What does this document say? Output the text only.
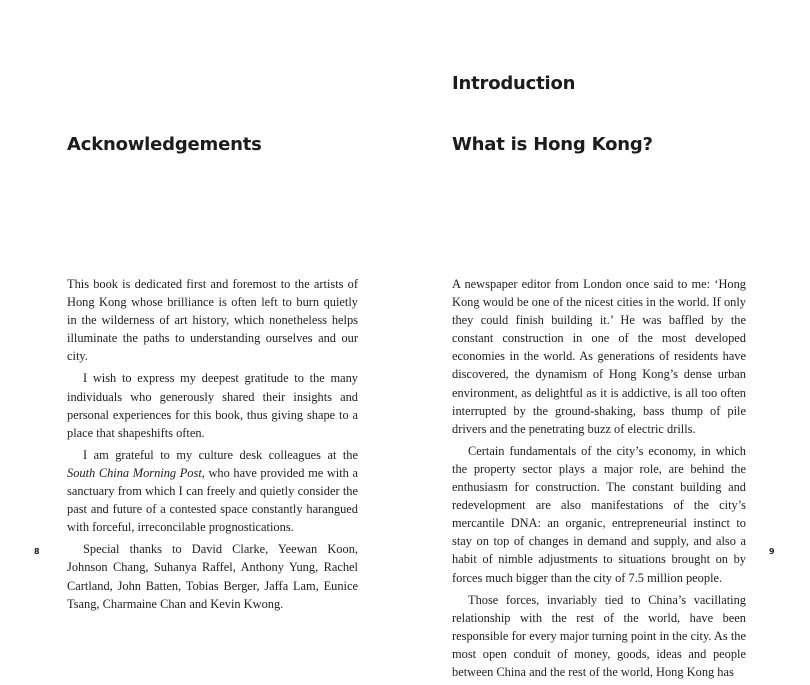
Acknowledgements

This book is dedicated first and foremost to the artists of Hong Kong whose brilliance is often left to burn quietly in the wilderness of art history, which nonetheless helps illuminate the paths to understanding ourselves and our city.

I wish to express my deepest gratitude to the many individuals who generously shared their insights and personal experiences for this book, thus giving shape to a place that shapeshifts often.

I am grateful to my culture desk colleagues at the South China Morning Post, who have provided me with a sanctuary from which I can freely and quietly consider the past and future of a contested space constantly harangued with forceful, irreconcilable prognostications.

Special thanks to David Clarke, Yeewan Koon, Johnson Chang, Suhanya Raffel, Anthony Yung, Rachel Cartland, John Batten, Tobias Berger, Jaffa Lam, Eunice Tsang, Charmaine Chan and Kevin Kwong.

8
Introduction
What is Hong Kong?

A newspaper editor from London once said to me: ‘Hong Kong would be one of the nicest cities in the world. If only they could finish building it.’ He was baffled by the constant construction in one of the most developed economies in the world. As generations of residents have discovered, the dynamism of Hong Kong’s dense urban environment, as delightful as it is addictive, is all too often interrupted by the ground-shaking, bass thump of pile drivers and the penetrating buzz of electric drills.

Certain fundamentals of the city’s economy, in which the property sector plays a major role, are behind the enthusiasm for construction. The constant building and redevelopment are also manifestations of the city’s mercantile DNA: an organic, entrepreneurial instinct to stay on top of changes in demand and supply, and also a habit of nimble adjustments to situations brought on by forces much bigger than the city of 7.5 million people.

Those forces, invariably tied to China’s vacillating relationship with the rest of the world, have been responsible for every major turning point in the city. As the most open conduit of money, goods, ideas and people between China and the rest of the world, Hong Kong has

9
